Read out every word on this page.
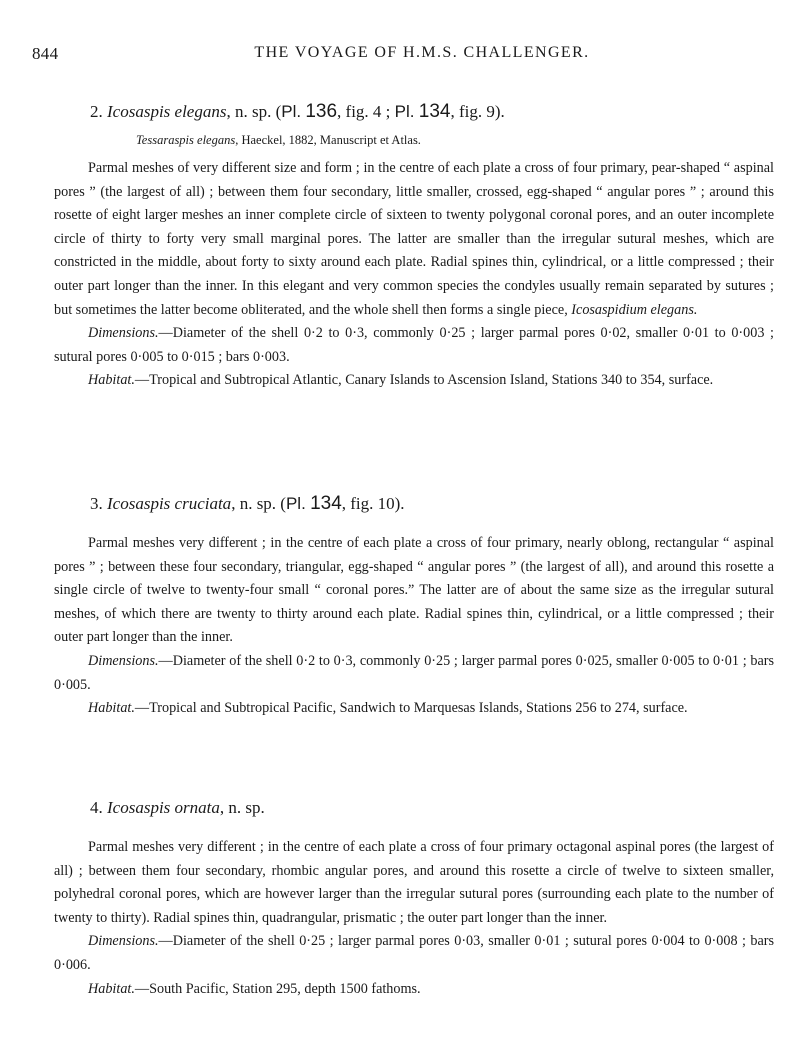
844	THE VOYAGE OF H.M.S. CHALLENGER.
2. Icosaspis elegans, n. sp. (Pl. 136, fig. 4 ; Pl. 134, fig. 9).
Tessaraspis elegans, Haeckel, 1882, Manuscript et Atlas.

Parmal meshes of very different size and form ; in the centre of each plate a cross of four primary, pear-shaped “ aspinal pores ” (the largest of all) ; between them four secondary, little smaller, crossed, egg-shaped “ angular pores ” ; around this rosette of eight larger meshes an inner complete circle of sixteen to twenty polygonal coronal pores, and an outer incomplete circle of thirty to forty very small marginal pores. The latter are smaller than the irregular sutural meshes, which are constricted in the middle, about forty to sixty around each plate. Radial spines thin, cylindrical, or a little compressed ; their outer part longer than the inner. In this elegant and very common species the condyles usually remain separated by sutures ; but sometimes the latter become obliterated, and the whole shell then forms a single piece, Icosaspidium elegans.

Dimensions.—Diameter of the shell 0·2 to 0·3, commonly 0·25 ; larger parmal pores 0·02, smaller 0·01 to 0·003 ; sutural pores 0·005 to 0·015 ; bars 0·003.

Habitat.—Tropical and Subtropical Atlantic, Canary Islands to Ascension Island, Stations 340 to 354, surface.

3. Icosaspis cruciata, n. sp. (Pl. 134, fig. 10).

Parmal meshes very different ; in the centre of each plate a cross of four primary, nearly oblong, rectangular “ aspinal pores ” ; between these four secondary, triangular, egg-shaped “ angular pores ” (the largest of all), and around this rosette a single circle of twelve to twenty-four small “ coronal pores.” The latter are of about the same size as the irregular sutural meshes, of which there are twenty to thirty around each plate. Radial spines thin, cylindrical, or a little compressed ; their outer part longer than the inner.

Dimensions.—Diameter of the shell 0·2 to 0·3, commonly 0·25 ; larger parmal pores 0·025, smaller 0·005 to 0·01 ; bars 0·005.

Habitat.—Tropical and Subtropical Pacific, Sandwich to Marquesas Islands, Stations 256 to 274, surface.

4. Icosaspis ornata, n. sp.

Parmal meshes very different ; in the centre of each plate a cross of four primary octagonal aspinal pores (the largest of all) ; between them four secondary, rhombic angular pores, and around this rosette a circle of twelve to sixteen smaller, polyhedral coronal pores, which are however larger than the irregular sutural pores (surrounding each plate to the number of twenty to thirty). Radial spines thin, quadrangular, prismatic ; the outer part longer than the inner.

Dimensions.—Diameter of the shell 0·25 ; larger parmal pores 0·03, smaller 0·01 ; sutural pores 0·004 to 0·008 ; bars 0·006.

Habitat.—South Pacific, Station 295, depth 1500 fathoms.
